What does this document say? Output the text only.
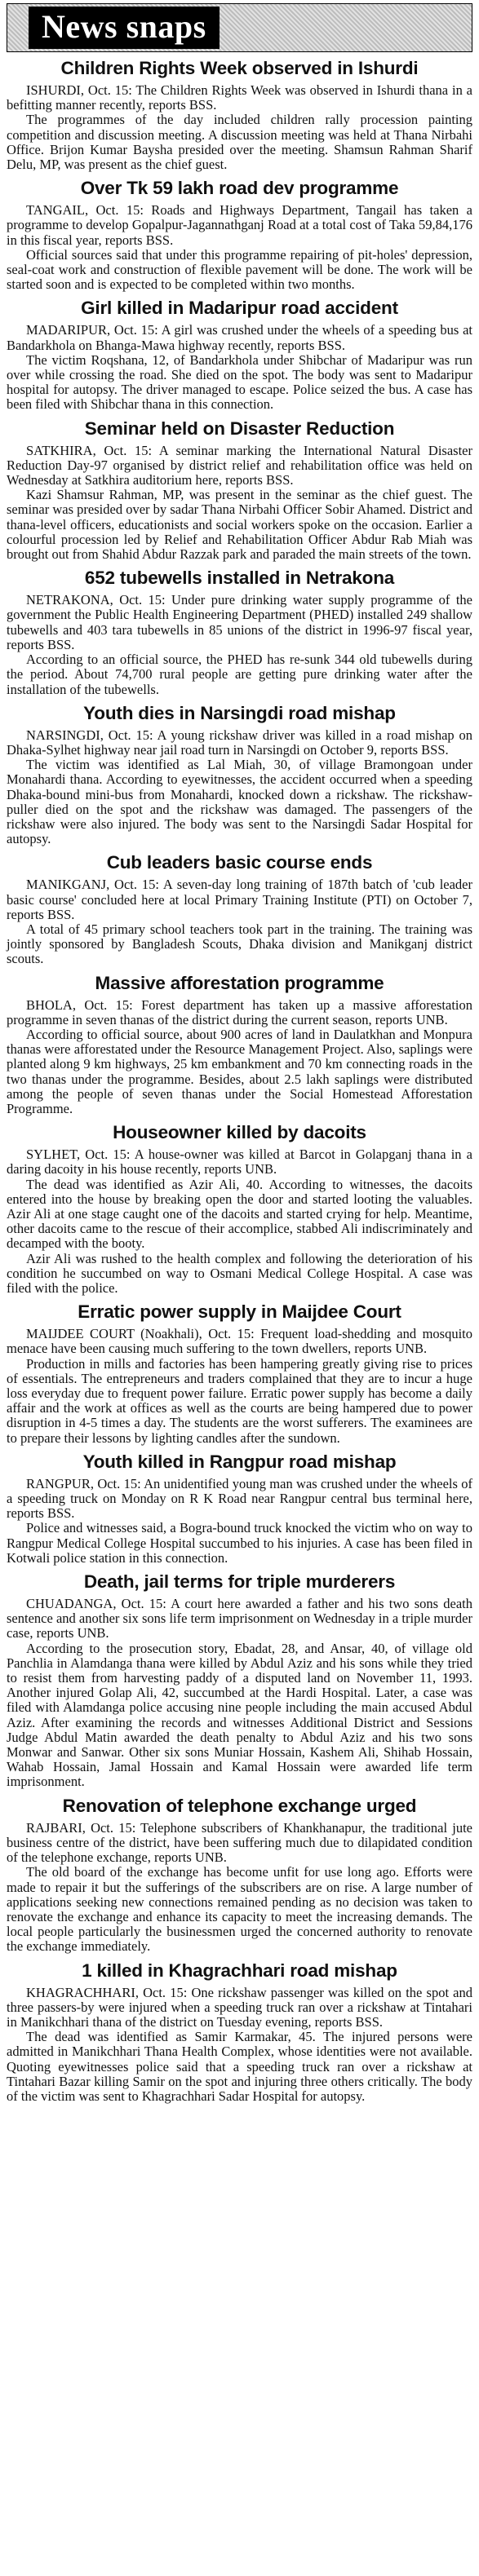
News snaps
Children Rights Week observed in Ishurdi

ISHURDI, Oct. 15: The Children Rights Week was observed in Ishurdi thana in a befitting manner recently, reports BSS.

The programmes of the day included children rally procession painting competition and discussion meeting. A discussion meeting was held at Thana Nirbahi Office. Brijon Kumar Baysha presided over the meeting. Shamsun Rahman Sharif Delu, MP, was present as the chief guest.

Over Tk 59 lakh road dev programme

TANGAIL, Oct. 15: Roads and Highways Department, Tangail has taken a programme to develop Gopalpur-Jagannathganj Road at a total cost of Taka 59,84,176 in this fiscal year, reports BSS.

Official sources said that under this programme repairing of pit-holes' depression, seal-coat work and construction of flexible pavement will be done. The work will be started soon and is expected to be completed within two months.

Girl killed in Madaripur road accident

MADARIPUR, Oct. 15: A girl was crushed under the wheels of a speeding bus at Bandarkhola on Bhanga-Mawa highway recently, reports BSS.

The victim Roqshana, 12, of Bandarkhola under Shibchar of Madaripur was run over while crossing the road. She died on the spot. The body was sent to Madaripur hospital for autopsy. The driver managed to escape. Police seized the bus. A case has been filed with Shibchar thana in this connection.

Seminar held on Disaster Reduction

SATKHIRA, Oct. 15: A seminar marking the International Natural Disaster Reduction Day-97 organised by district relief and rehabilitation office was held on Wednesday at Satkhira auditorium here, reports BSS.

Kazi Shamsur Rahman, MP, was present in the seminar as the chief guest. The seminar was presided over by sadar Thana Nirbahi Officer Sobir Ahamed. District and thana-level officers, educationists and social workers spoke on the occasion. Earlier a colourful procession led by Relief and Rehabilitation Officer Abdur Rab Miah was brought out from Shahid Abdur Razzak park and paraded the main streets of the town.

652 tubewells installed in Netrakona

NETRAKONA, Oct. 15: Under pure drinking water supply programme of the government the Public Health Engineering Department (PHED) installed 249 shallow tubewells and 403 tara tubewells in 85 unions of the district in 1996-97 fiscal year, reports BSS.

According to an official source, the PHED has re-sunk 344 old tubewells during the period. About 74,700 rural people are getting pure drinking water after the installation of the tubewells.

Youth dies in Narsingdi road mishap

NARSINGDI, Oct. 15: A young rickshaw driver was killed in a road mishap on Dhaka-Sylhet highway near jail road turn in Narsingdi on October 9, reports BSS.

The victim was identified as Lal Miah, 30, of village Bramongoan under Monahardi thana. According to eyewitnesses, the accident occurred when a speeding Dhaka-bound mini-bus from Monahardi, knocked down a rickshaw. The rickshaw-puller died on the spot and the rickshaw was damaged. The passengers of the rickshaw were also injured. The body was sent to the Narsingdi Sadar Hospital for autopsy.

Cub leaders basic course ends

MANIKGANJ, Oct. 15: A seven-day long training of 187th batch of 'cub leader basic course' concluded here at local Primary Training Institute (PTI) on October 7, reports BSS.

A total of 45 primary school teachers took part in the training. The training was jointly sponsored by Bangladesh Scouts, Dhaka division and Manikganj district scouts.

Massive afforestation programme

BHOLA, Oct. 15: Forest department has taken up a massive afforestation programme in seven thanas of the district during the current season, reports UNB.

According to official source, about 900 acres of land in Daulatkhan and Monpura thanas were afforestated under the Resource Management Project. Also, saplings were planted along 9 km highways, 25 km embankment and 70 km connecting roads in the two thanas under the programme. Besides, about 2.5 lakh saplings were distributed among the people of seven thanas under the Social Homestead Afforestation Programme.

Houseowner killed by dacoits

SYLHET, Oct. 15: A house-owner was killed at Barcot in Golapganj thana in a daring dacoity in his house recently, reports UNB.

The dead was identified as Azir Ali, 40. According to witnesses, the dacoits entered into the house by breaking open the door and started looting the valuables. Azir Ali at one stage caught one of the dacoits and started crying for help. Meantime, other dacoits came to the rescue of their accomplice, stabbed Ali indiscriminately and decamped with the booty.

Azir Ali was rushed to the health complex and following the deterioration of his condition he succumbed on way to Osmani Medical College Hospital. A case was filed with the police.

Erratic power supply in Maijdee Court

MAIJDEE COURT (Noakhali), Oct. 15: Frequent load-shedding and mosquito menace have been causing much suffering to the town dwellers, reports UNB.

Production in mills and factories has been hampering greatly giving rise to prices of essentials. The entrepreneurs and traders complained that they are to incur a huge loss everyday due to frequent power failure. Erratic power supply has become a daily affair and the work at offices as well as the courts are being hampered due to power disruption in 4-5 times a day. The students are the worst sufferers. The examinees are to prepare their lessons by lighting candles after the sundown.

Youth killed in Rangpur road mishap

RANGPUR, Oct. 15: An unidentified young man was crushed under the wheels of a speeding truck on Monday on R K Road near Rangpur central bus terminal here, reports BSS.

Police and witnesses said, a Bogra-bound truck knocked the victim who on way to Rangpur Medical College Hospital succumbed to his injuries. A case has been filed in Kotwali police station in this connection.

Death, jail terms for triple murderers

CHUADANGA, Oct. 15: A court here awarded a father and his two sons death sentence and another six sons life term imprisonment on Wednesday in a triple murder case, reports UNB.

According to the prosecution story, Ebadat, 28, and Ansar, 40, of village old Panchlia in Alamdanga thana were killed by Abdul Aziz and his sons while they tried to resist them from harvesting paddy of a disputed land on November 11, 1993. Another injured Golap Ali, 42, succumbed at the Hardi Hospital. Later, a case was filed with Alamdanga police accusing nine people including the main accused Abdul Aziz. After examining the records and witnesses Additional District and Sessions Judge Abdul Matin awarded the death penalty to Abdul Aziz and his two sons Monwar and Sanwar. Other six sons Muniar Hossain, Kashem Ali, Shihab Hossain, Wahab Hossain, Jamal Hossain and Kamal Hossain were awarded life term imprisonment.

Renovation of telephone exchange urged

RAJBARI, Oct. 15: Telephone subscribers of Khankhanapur, the traditional jute business centre of the district, have been suffering much due to dilapidated condition of the telephone exchange, reports UNB.

The old board of the exchange has become unfit for use long ago. Efforts were made to repair it but the sufferings of the subscribers are on rise. A large number of applications seeking new connections remained pending as no decision was taken to renovate the exchange and enhance its capacity to meet the increasing demands. The local people particularly the businessmen urged the concerned authority to renovate the exchange immediately.

1 killed in Khagrachhari road mishap

KHAGRACHHARI, Oct. 15: One rickshaw passenger was killed on the spot and three passers-by were injured when a speeding truck ran over a rickshaw at Tintahari in Manikchhari thana of the district on Tuesday evening, reports BSS.

The dead was identified as Samir Karmakar, 45. The injured persons were admitted in Manikchhari Thana Health Complex, whose identities were not available. Quoting eyewitnesses police said that a speeding truck ran over a rickshaw at Tintahari Bazar killing Samir on the spot and injuring three others critically. The body of the victim was sent to Khagrachhari Sadar Hospital for autopsy.
